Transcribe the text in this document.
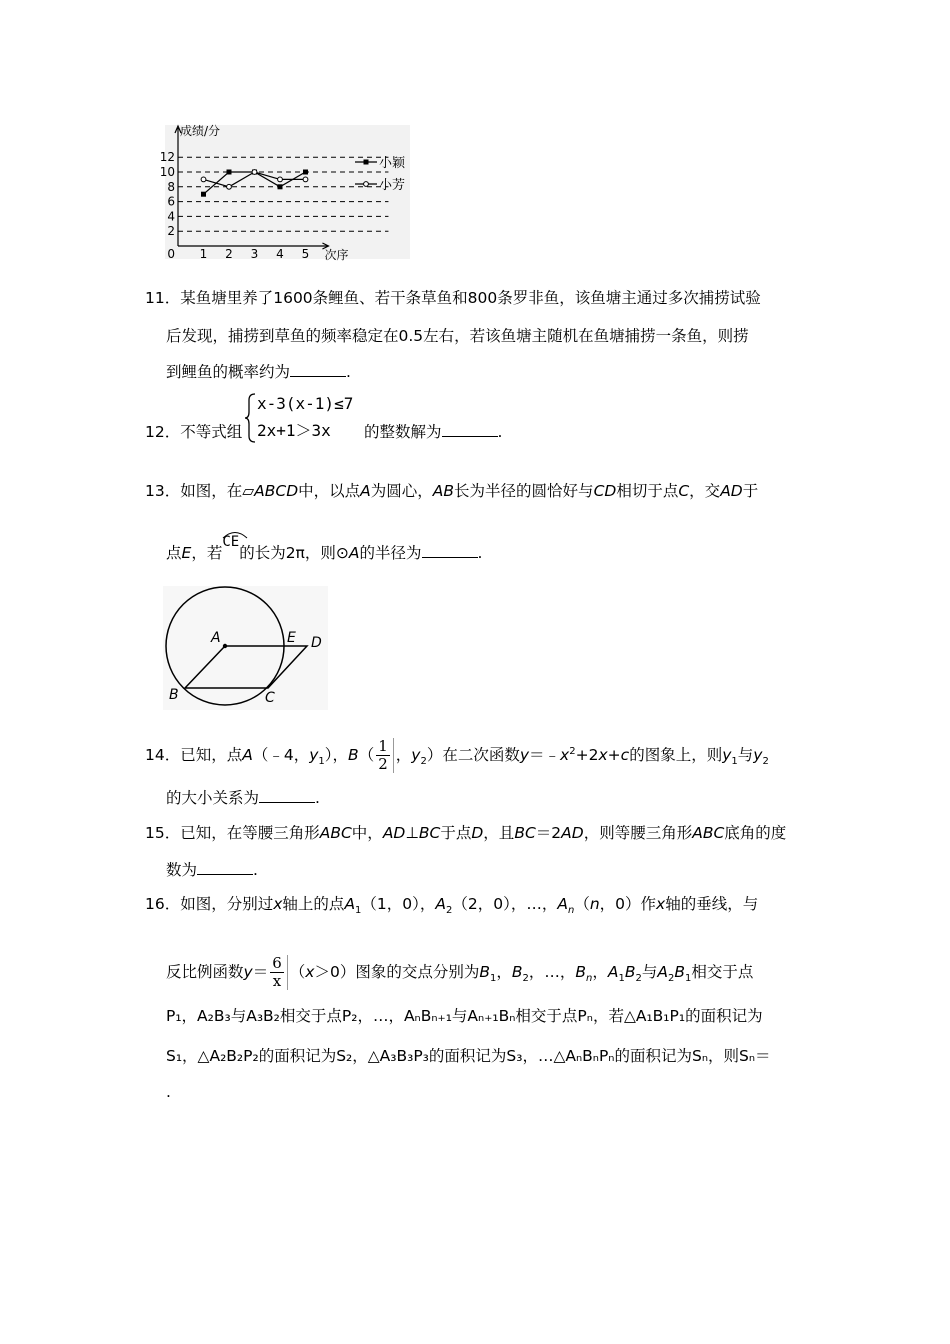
2
4
6
8
10
12
1 2 3 4 5
0
成绩/分
次序
小颖
小芳
11．某鱼塘里养了1600条鲤鱼、若干条草鱼和800条罗非鱼，该鱼塘主通过多次捕捞试验
后发现，捕捞到草鱼的频率稳定在0.5左右，若该鱼塘主随机在鱼塘捕捞一条鱼，则捞
到鲤鱼的概率约为	.
12．不等式组
x-3(x-1)≤7
2x+1＞3x 的整数解为	.
13．如图，在▱ABCD中，以点A为圆心，AB长为半径的圆恰好与CD相切于点C，交AD于
点E，若
CE的长为2π，则⊙A的半径为	.
A	E D
B	C
14．已知，点A（﹣4，$y_1$），$B( \frac{1}{2}$ ，$y_2$）在二次函数$y=﹣x^2+2x+c$的图象上，则$y_1$与$y_2$
的大小关系为	.
15．已知，在等腰三角形ABC中，AD⊥BC于点D，且BC＝2AD，则等腰三角形ABC底角的度
数为	.
16．如图，分别过x轴上的点$A_1(1$，0），$A_2(2$，0），…，$A_n(n$，0）作x轴的垂线，与
反比例函数$y= \frac{6}{x} (x>0)$图象的交点分别为$B_1$，$B_2$，…，$B_n$，$A_1B_2$与$A_2B_1$相交于点
P₁，A₂B₃与A₃B₂相交于点P₂，…，AₙBₙ₊₁与Aₙ₊₁Bₙ相交于点Pₙ，若△A₁B₁P₁的面积记为
S₁，△A₂B₂P₂的面积记为S₂，△A₃B₃P₃的面积记为S₃，…△AₙBₙPₙ的面积记为Sₙ，则Sₙ＝
.
